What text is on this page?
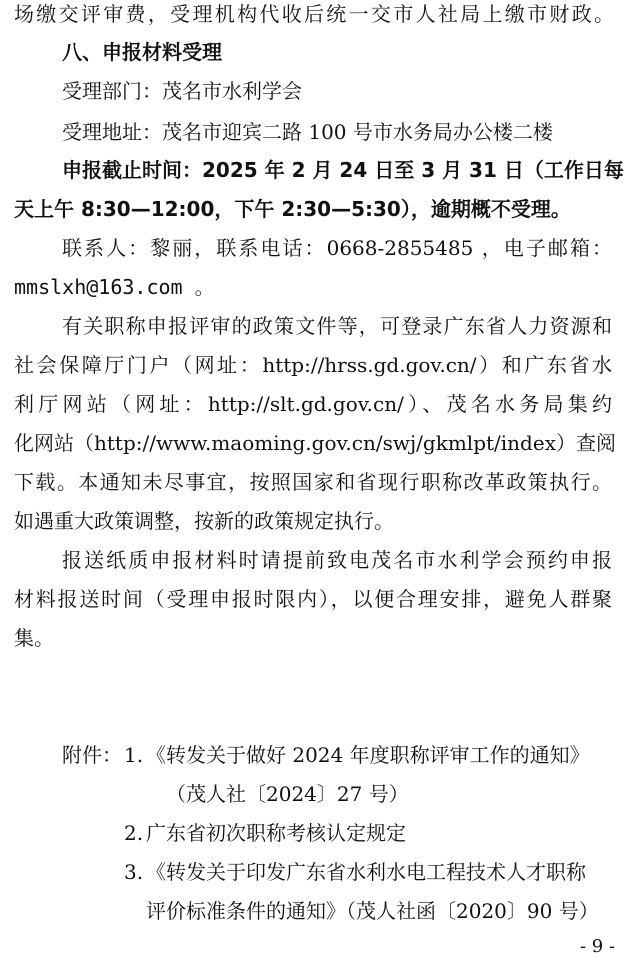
场缴交评审费，受理机构代收后统一交市人社局上缴市财政。
八、申报材料受理
受理部门：茂名市水利学会
受理地址：茂名市迎宾二路 100 号市水务局办公楼二楼
申报截止时间：2025 年 2 月 24 日至 3 月 31 日（工作日每
天上午 8:30—12:00，下午 2:30—5:30），逾期概不受理。
联系人：黎丽，联系电话：0668-2855485 ，电子邮箱：
mmslxh@163.com 。
有关职称申报评审的政策文件等，可登录广东省人力资源和
社会保障厅门户（网址：http://hrss.gd.gov.cn/）和广东省水
利厅网站（网址：http://slt.gd.gov.cn/）、茂名水务局集约
化网站（http://www.maoming.gov.cn/swj/gkmlpt/index）查阅
下载。本通知未尽事宜，按照国家和省现行职称改革政策执行。
如遇重大政策调整，按新的政策规定执行。
报送纸质申报材料时请提前致电茂名市水利学会预约申报
材料报送时间（受理申报时限内），以便合理安排，避免人群聚
集。
附件： 1. 《转发关于做好 2024 年度职称评审工作的通知》
（茂人社〔2024〕27 号）
2. 广东省初次职称考核认定规定
3. 《转发关于印发广东省水利水电工程技术人才职称
评价标准条件的通知》（茂人社函〔2020〕90 号）
- 9 -
